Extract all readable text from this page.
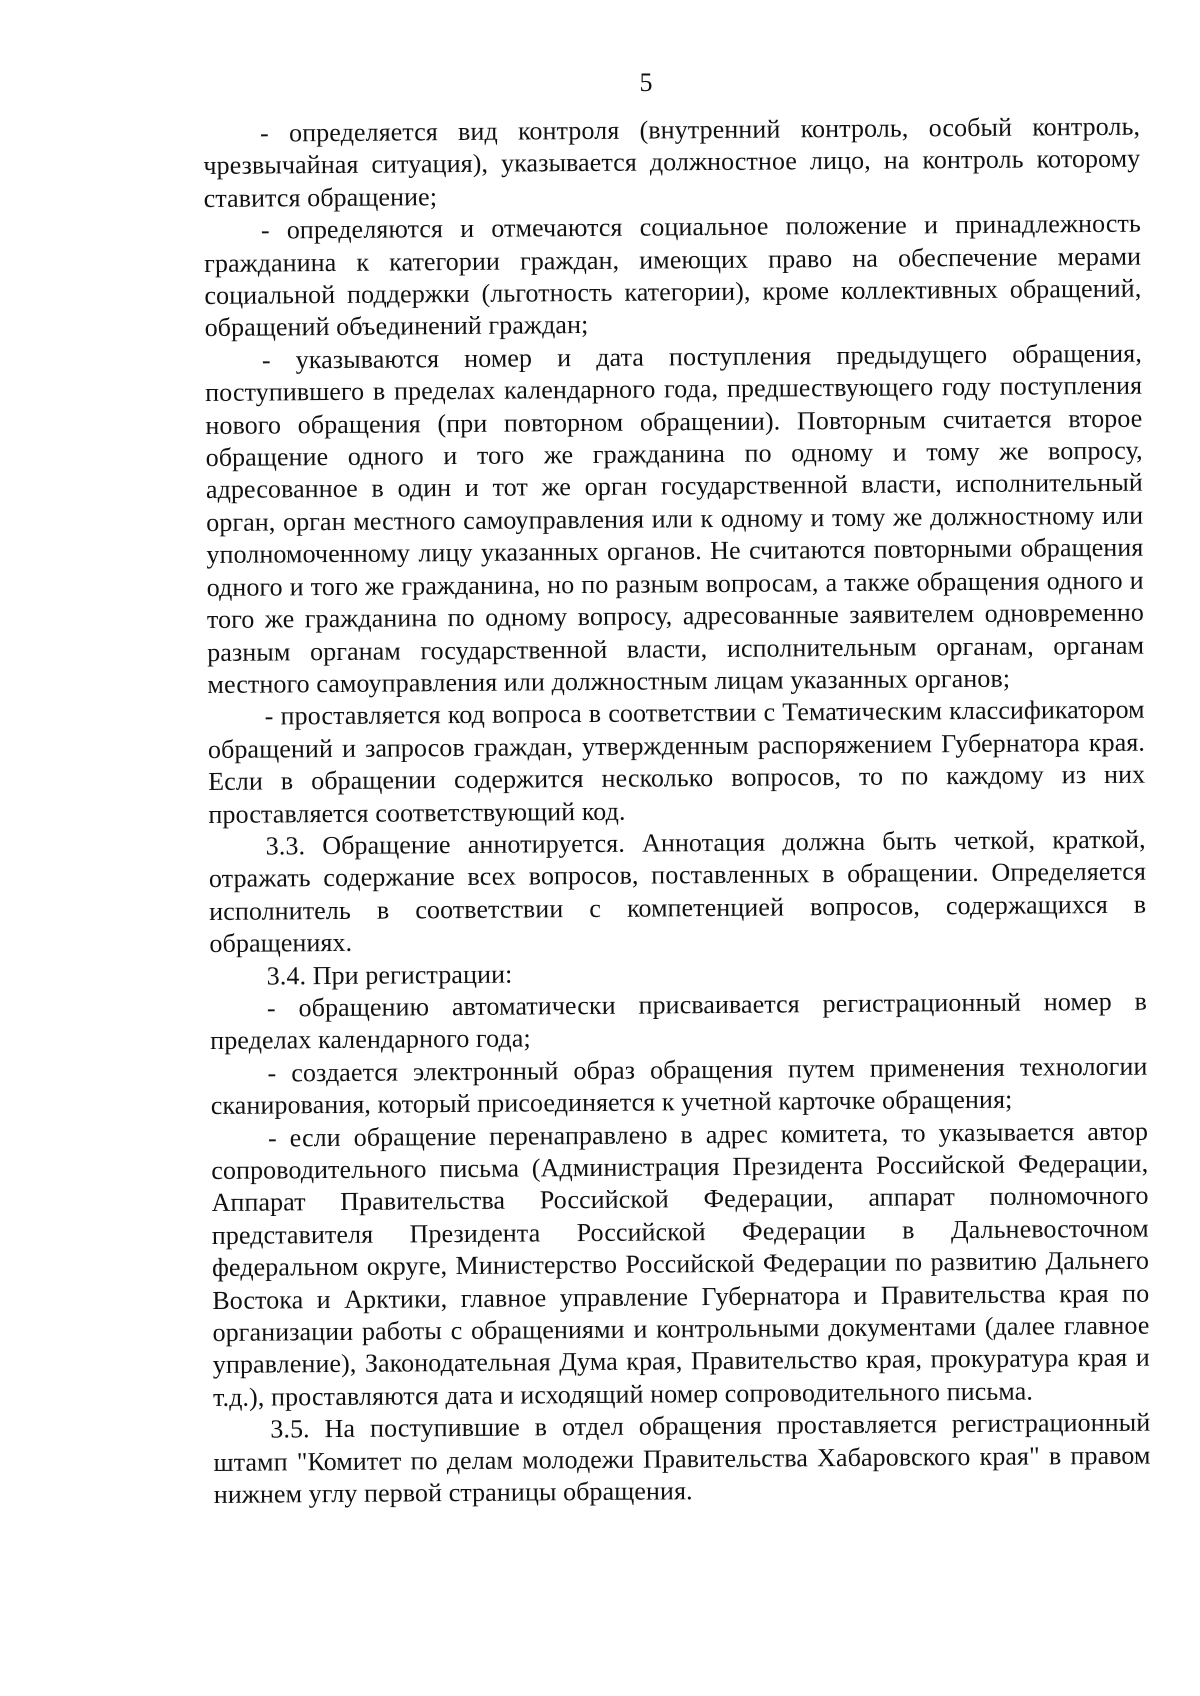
5

- определяется вид контроля (внутренний контроль, особый контроль, чрезвычайная ситуация), указывается должностное лицо, на контроль которому ставится обращение;

- определяются и отмечаются социальное положение и принадлежность гражданина к категории граждан, имеющих право на обеспечение мерами социальной поддержки (льготность категории), кроме коллективных обращений, обращений объединений граждан;

- указываются номер и дата поступления предыдущего обращения, поступившего в пределах календарного года, предшествующего году поступления нового обращения (при повторном обращении). Повторным считается второе обращение одного и того же гражданина по одному и тому же вопросу, адресованное в один и тот же орган государственной власти, исполнительный орган, орган местного самоуправления или к одному и тому же должностному или уполномоченному лицу указанных органов. Не считаются повторными обращения одного и того же гражданина, но по разным вопросам, а также обращения одного и того же гражданина по одному вопросу, адресованные заявителем одновременно разным органам государственной власти, исполнительным органам, органам местного самоуправления или должностным лицам указанных органов;

- проставляется код вопроса в соответствии с Тематическим классификатором обращений и запросов граждан, утвержденным распоряжением Губернатора края. Если в обращении содержится несколько вопросов, то по каждому из них проставляется соответствующий код.

3.3. Обращение аннотируется. Аннотация должна быть четкой, краткой, отражать содержание всех вопросов, поставленных в обращении. Определяется исполнитель в соответствии с компетенцией вопросов, содержащихся в обращениях.

3.4. При регистрации:

- обращению автоматически присваивается регистрационный номер в пределах календарного года;

- создается электронный образ обращения путем применения технологии сканирования, который присоединяется к учетной карточке обращения;

- если обращение перенаправлено в адрес комитета, то указывается автор сопроводительного письма (Администрация Президента Российской Федерации, Аппарат Правительства Российской Федерации, аппарат полномочного представителя Президента Российской Федерации в Дальневосточном федеральном округе, Министерство Российской Федерации по развитию Дальнего Востока и Арктики, главное управление Губернатора и Правительства края по организации работы с обращениями и контрольными документами (далее главное управление), Законодательная Дума края, Правительство края, прокуратура края и т.д.), проставляются дата и исходящий номер сопроводительного письма.

3.5. На поступившие в отдел обращения проставляется регистрационный штамп "Комитет по делам молодежи Правительства Хабаровского края" в правом нижнем углу первой страницы обращения.
